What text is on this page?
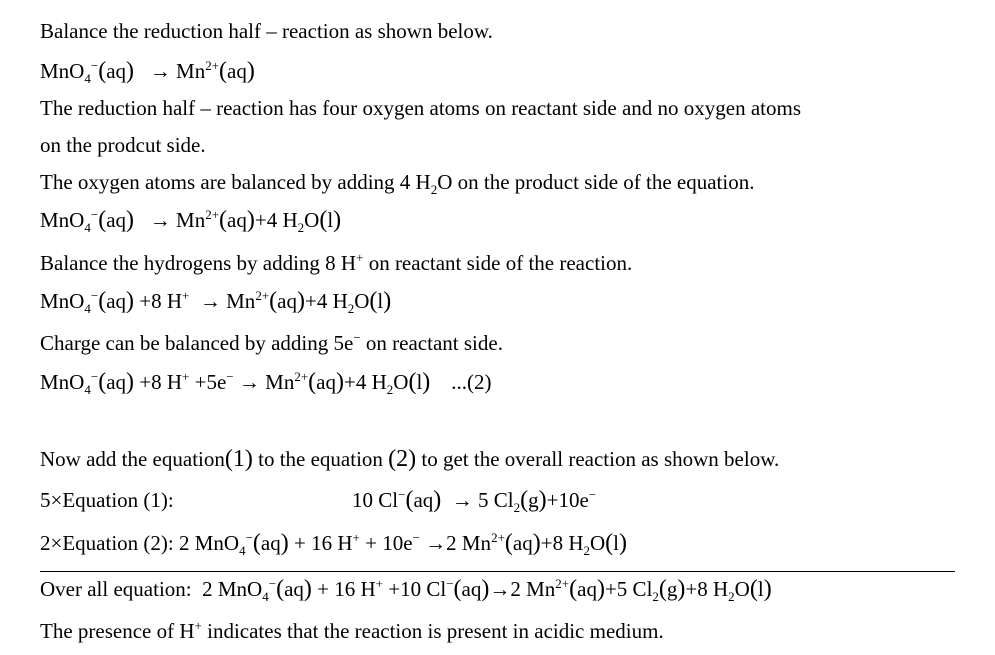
Balance the reduction half – reaction as shown below.
$MnO_4^-(aq) \to Mn^{2+}(aq)$
The reduction half – reaction has four oxygen atoms on reactant side and no oxygen atoms
on the prodcut side.
The oxygen atoms are balanced by adding 4 $H_2O$ on the product side of the equation.
$MnO_4^-(aq) \to Mn^{2+}(aq)+4$ $H_2O(l)$
Balance the hydrogens by adding 8 H+ on reactant side of the reaction.
MnO$_4$−(aq) +8 $H^+ \to Mn^{2+}(aq)+4$ $H_2O(l)$
Charge can be balanced by adding 5e− on reactant side.
MnO$_4$−(aq) +8 $H^+ +5e^- \to Mn^{2+}(aq)+4$ $H_2O(l)$ ...(2)
Now add the equation(1) to the equation (2) to get the overall reaction as shown below.
5×Equation (1):	10 Cl−(aq)  → 5 $Cl_2(g)+10e^-$
2×Equation (2): 2 MnO$_4$−(aq) + 16 H+ + 10e− →2 $Mn^{2+}(aq)+8$ $H_2O(l)$
Over all equation:  2 MnO$_4$−(aq) + 16 H+ +10 Cl−(aq)→2 $Mn^{2+}(aq)+5$ $Cl_2(g)+8$ $H_2O(l)$
The presence of H+ indicates that the reaction is present in acidic medium.
